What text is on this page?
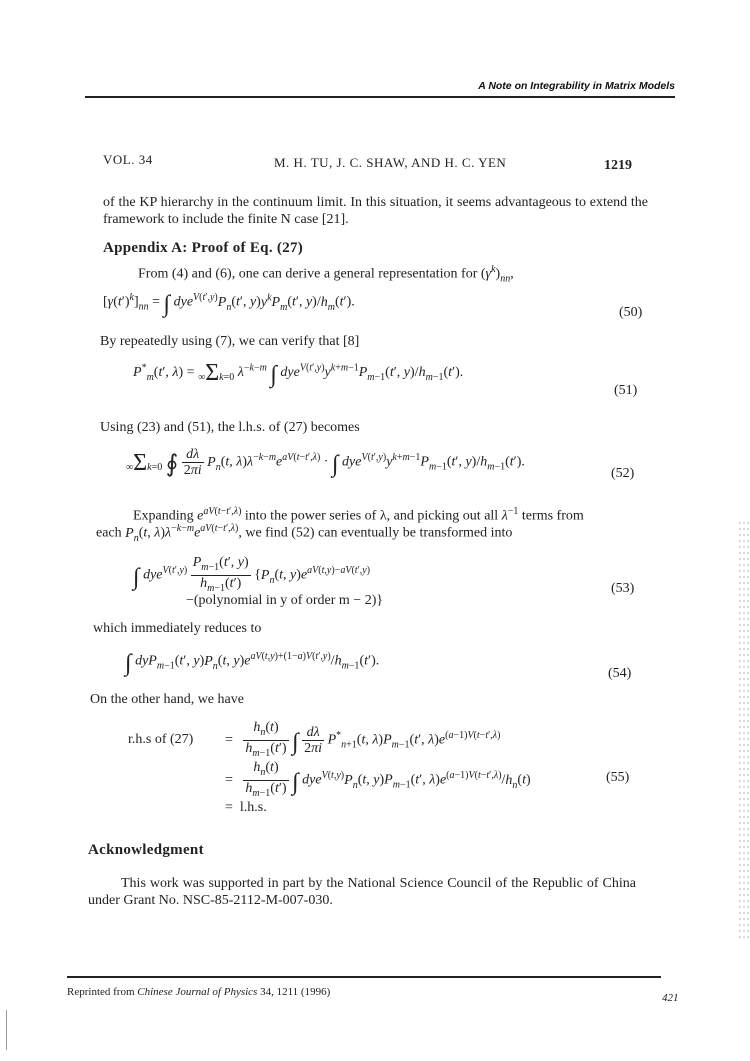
A Note on Integrability in Matrix Models
VOL. 34	M. H. TU, J. C. SHAW, AND H. C. YEN	1219
of the KP hierarchy in the continuum limit. In this situation, it seems advantageous to extend the framework to include the finite N case [21].
Appendix A: Proof of Eq. (27)
From (4) and (6), one can derive a general representation for $(\gamma^k)_{nn}$,
$[\gamma(t')^k]_{nn}$ = ∫ $dye^{V(t',y)}P_n(t'$, $y)y^kP_m(t'$, $y)/h_m(t')$.
(50)
By repeatedly using (7), we can verify that [8]
$P^*_m(t'$, λ) = ∞Σk=0 $\lambda^{-k-m}$ ∫ $dye^{V(t',y)}y^{k+m-1}P_{m-1}(t'$, $y)/h_{m-1}(t')$.
(51)
Using (23) and (51), the l.h.s. of (27) becomes
∞Σk=0 ∮ $\frac{d\lambda}{2\pi i} P_n(t$, $\lambda)\lambda^{-k-m}e^{aV(t-t',\lambda)}$ · ∫ $dye^{V(t',y)}y^{k+m-1}P_{m-1}(t'$, $y)/h_{m-1}(t')$.
(52)
Expanding $e^{aV(t-t',\lambda)}$ into the power series of λ, and picking out all $\lambda^{-1}$ terms from
each $P_n(t$, $\lambda)\lambda^{-k-m}e^{aV(t-t',\lambda)}$, we find (52) can eventually be transformed into
∫ $dye^{V(t',y)} \frac{P_{m-1}(t', y)}{h_{m-1}(t')} \{P_n(t$, $y)e^{aV(t,y)-aV(t',y)}$
−(polynomial in y of order m − 2)}
(53)
which immediately reduces to
∫ dyP$_{m-1}$(t′, $y)P_n(t$, $y)e^{aV(t,y)+(1-a)V(t',y)}/h_{m-1}(t')$.
(54)
On the other hand, we have
r.h.s of $(27) = \frac{h_n(t)}{h_{m-1}(t')}$ ∫ $\frac{d\lambda}{2\pi i} P^*_{n+1}(t$, $\lambda)P_{m-1}(t'$, $\lambda)e^{(a-1)V(t-t',\lambda)}$
= $\frac{h_n(t)}{h_{m-1}(t')}$ ∫ $dye^{V(t,y)}P_n(t$, $y)P_{m-1}(t'$, $\lambda)e^{(a-1)V(t-t',\lambda)}/h_n(t)$	(55)
=  l.h.s.
Acknowledgment
This work was supported in part by the National Science Council of the Republic of China under Grant No. NSC-85-2112-M-007-030.
Reprinted from Chinese Journal of Physics 34, 1211 (1996)	421
